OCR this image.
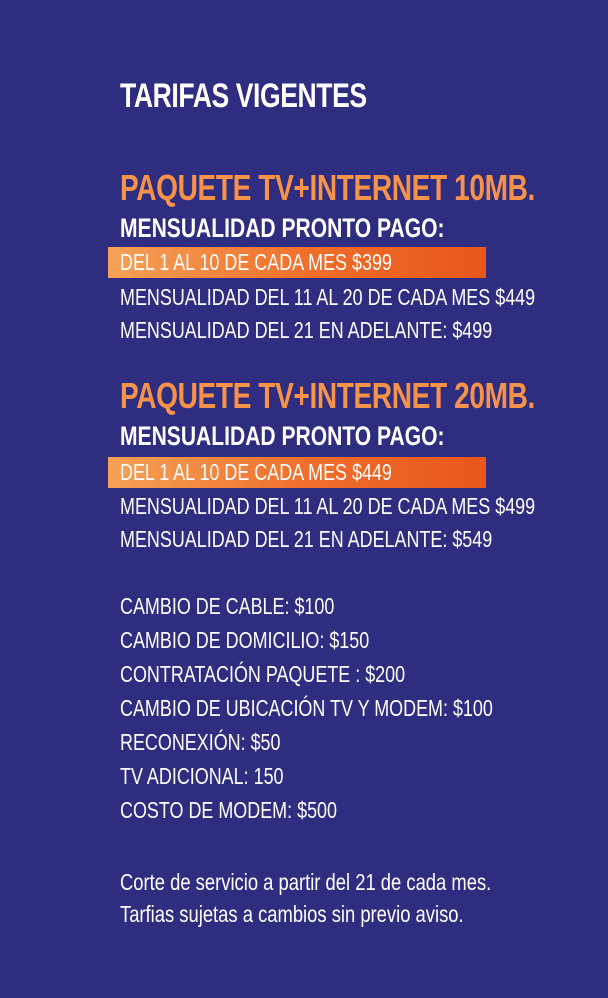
TARIFAS VIGENTES
PAQUETE TV+INTERNET 10MB.
MENSUALIDAD PRONTO PAGO:
DEL 1 AL 10 DE CADA MES $399
MENSUALIDAD DEL 11 AL 20 DE CADA MES $449
MENSUALIDAD DEL 21 EN ADELANTE: $499
PAQUETE TV+INTERNET 20MB.
MENSUALIDAD PRONTO PAGO:
DEL 1 AL 10 DE CADA MES $449
MENSUALIDAD DEL 11 AL 20 DE CADA MES $499
MENSUALIDAD DEL 21 EN ADELANTE: $549
CAMBIO DE CABLE: $100
CAMBIO DE DOMICILIO: $150
CONTRATACIÓN PAQUETE : $200
CAMBIO DE UBICACIÓN TV Y MODEM: $100
RECONEXIÓN: $50
TV ADICIONAL: 150
COSTO DE MODEM: $500
Corte de servicio a partir del 21 de cada mes.
Tarfias sujetas a cambios sin previo aviso.
